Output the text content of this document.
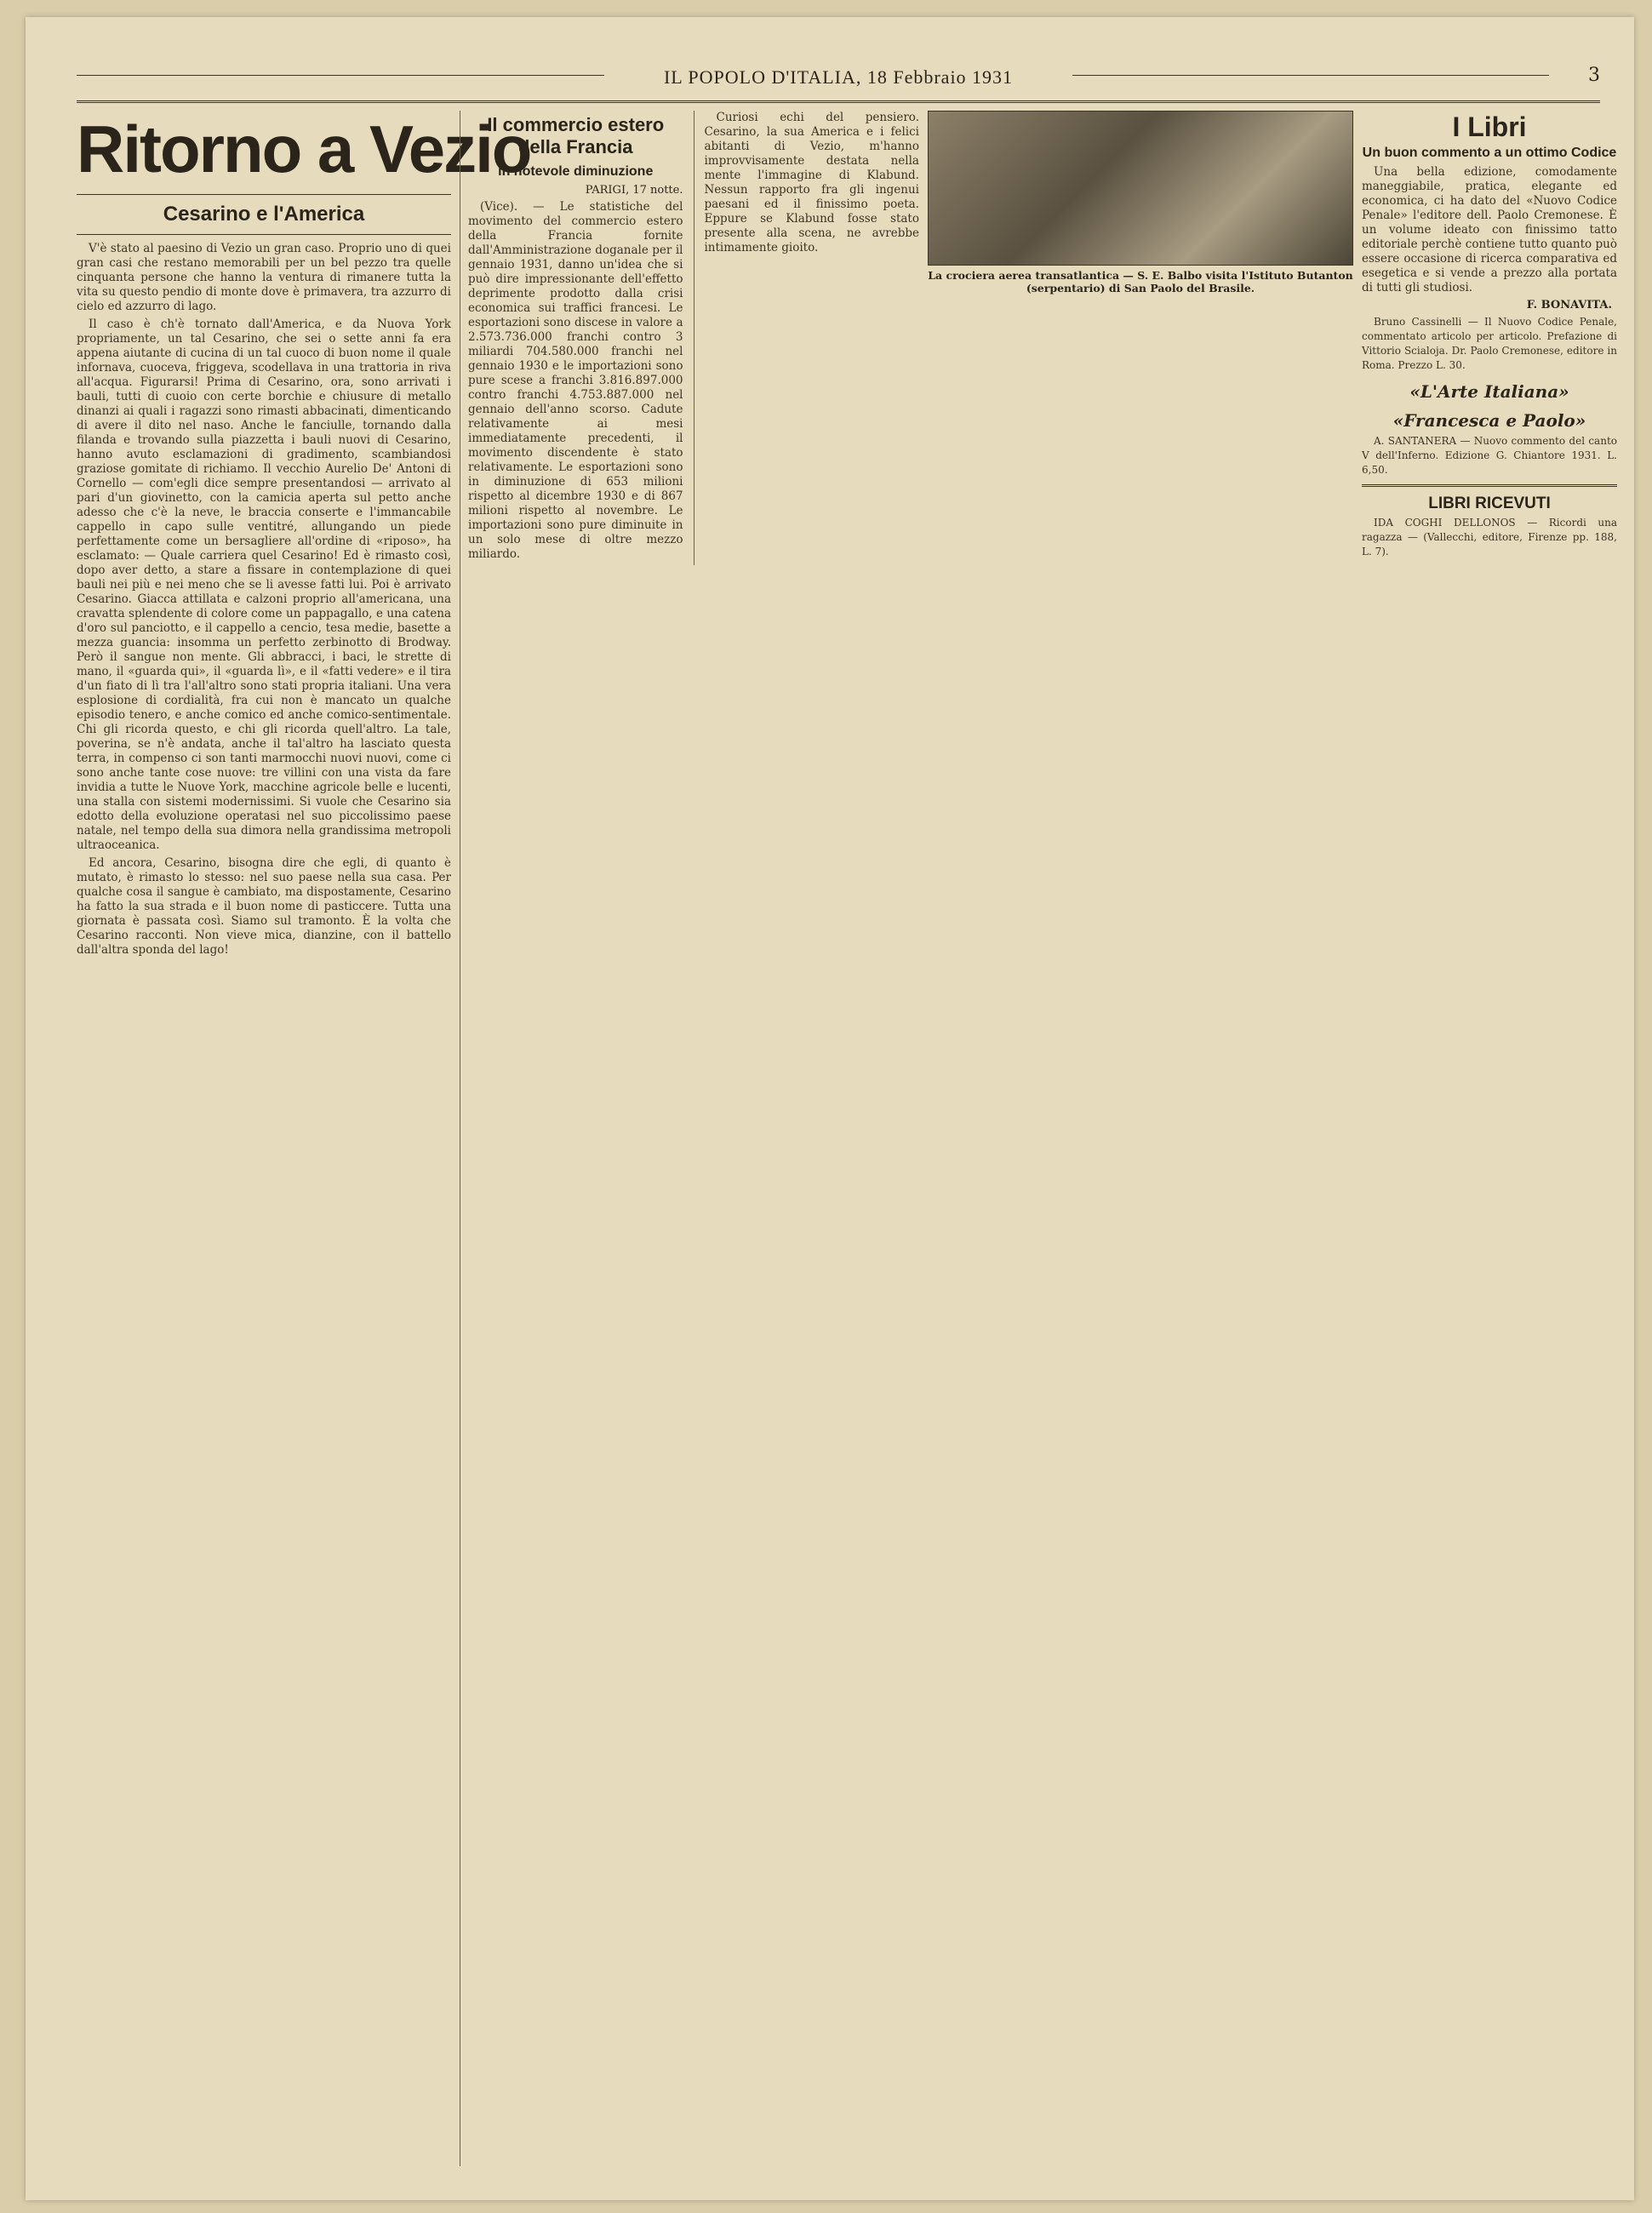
IL POPOLO D'ITALIA, 18 Febbraio 1931	3
Ritorno a Vezio
Cesarino e l'America

V'è stato al paesino di Vezio un gran caso. Proprio uno di quei gran casi che restano memorabili per un bel pezzo tra quelle cinquanta persone che hanno la ventura di rimanere tutta la vita su questo pendio di monte dove è primavera, tra azzurro di cielo ed azzurro di lago.

Il caso è ch'è tornato dall'America, e da Nuova York propriamente, un tal Cesarino, che sei o sette anni fa era appena aiutante di cucina di un tal cuoco di buon nome il quale infornava, cuoceva, friggeva, scodellava in una trattoria in riva all'acqua. Figurarsi! Prima di Cesarino, ora, sono arrivati i bauli, tutti di cuoio con certe borchie e chiusure di metallo dinanzi ai quali i ragazzi sono rimasti abbacinati, dimenticando di avere il dito nel naso. Anche le fanciulle, tornando dalla filanda e trovando sulla piazzetta i bauli nuovi di Cesarino, hanno avuto esclamazioni di gradimento, scambiandosi graziose gomitate di richiamo. Il vecchio Aurelio De' Antoni di Cornello — com'egli dice sempre presentandosi — arrivato al pari d'un giovinetto, con la camicia aperta sul petto anche adesso che c'è la neve, le braccia conserte e l'immancabile cappello in capo sulle ventitré, allungando un piede perfettamente come un bersagliere all'ordine di «riposo», ha esclamato: — Quale carriera quel Cesarino! Ed è rimasto così, dopo aver detto, a stare a fissare in contemplazione di quei bauli nei più e nei meno che se li avesse fatti lui. Poi è arrivato Cesarino. Giacca attillata e calzoni proprio all'americana, una cravatta splendente di colore come un pappagallo, e una catena d'oro sul panciotto, e il cappello a cencio, tesa medie, basette a mezza guancia: insomma un perfetto zerbinotto di Brodway. Però il sangue non mente. Gli abbracci, i baci, le strette di mano, il «guarda qui», il «guarda lì», e il «fatti vedere» e il tira d'un fiato di lì tra l'all'altro sono stati propria italiani. Una vera esplosione di cordialità, fra cui non è mancato un qualche episodio tenero, e anche comico ed anche comico-sentimentale. Chi gli ricorda questo, e chi gli ricorda quell'altro. La tale, poverina, se n'è andata, anche il tal'altro ha lasciato questa terra, in compenso ci son tanti marmocchi nuovi nuovi, come ci sono anche tante cose nuove: tre villini con una vista da fare invidia a tutte le Nuove York, macchine agricole belle e lucenti, una stalla con sistemi modernissimi. Si vuole che Cesarino sia edotto della evoluzione operatasi nel suo piccolissimo paese natale, nel tempo della sua dimora nella grandissima metropoli ultraoceanica.

Ed ancora, Cesarino, bisogna dire che egli, di quanto è mutato, è rimasto lo stesso: nel suo paese nella sua casa. Per qualche cosa il sangue è cambiato, ma dispostamente, Cesarino ha fatto la sua strada e il buon nome di pasticcere. Tutta una giornata è passata così. Siamo sul tramonto. È la volta che Cesarino racconti. Non vieve mica, dianzine, con il battello dall'altra sponda del lago!

Il commercio estero della Francia
in notevole diminuzione
PARIGI, 17 notte.

(Vice). — Le statistiche del movimento del commercio estero della Francia fornite dall'Amministrazione doganale per il gennaio 1931, danno un'idea che si può dire impressionante dell'effetto deprimente prodotto dalla crisi economica sui traffici francesi. Le esportazioni sono discese in valore a 2.573.736.000 franchi contro 3 miliardi 704.580.000 franchi nel gennaio 1930 e le importazioni sono pure scese a franchi 3.816.897.000 contro franchi 4.753.887.000 nel gennaio dell'anno scorso. Cadute relativamente ai mesi immediatamente precedenti, il movimento discendente è stato relativamente. Le esportazioni sono in diminuzione di 653 milioni rispetto al dicembre 1930 e di 867 milioni rispetto al novembre. Le importazioni sono pure diminuite in un solo mese di oltre mezzo miliardo.

Curiosi echi del pensiero. Cesarino, la sua America e i felici abitanti di Vezio, m'hanno improvvisamente destata nella mente l'immagine di Klabund. Nessun rapporto fra gli ingenui paesani ed il finissimo poeta. Eppure se Klabund fosse stato presente alla scena, ne avrebbe intimamente gioito.

La crociera aerea transatlantica — S. E. Balbo visita l'Istituto Butanton (serpentario) di San Paolo del Brasile.
I Libri
Un buon commento a un ottimo Codice

Una bella edizione, comodamente maneggiabile, pratica, elegante ed economica, ci ha dato del «Nuovo Codice Penale» l'editore dell. Paolo Cremonese. È un volume ideato con finissimo tatto editoriale perchè contiene tutto quanto può essere occasione di ricerca comparativa ed esegetica e si vende a prezzo alla portata di tutti gli studiosi.

F. BONAVITA.

Bruno Cassinelli — Il Nuovo Codice Penale, commentato articolo per articolo. Prefazione di Vittorio Scialoja. Dr. Paolo Cremonese, editore in Roma. Prezzo L. 30.

«L'Arte Italiana»
«Francesca e Paolo»

A. SANTANERA — Nuovo commento del canto V dell'Inferno. Edizione G. Chiantore 1931. L. 6,50.

LIBRI RICEVUTI

IDA COGHI DELLONOS — Ricordi una ragazza — (Vallecchi, editore, Firenze pp. 188, L. 7).
